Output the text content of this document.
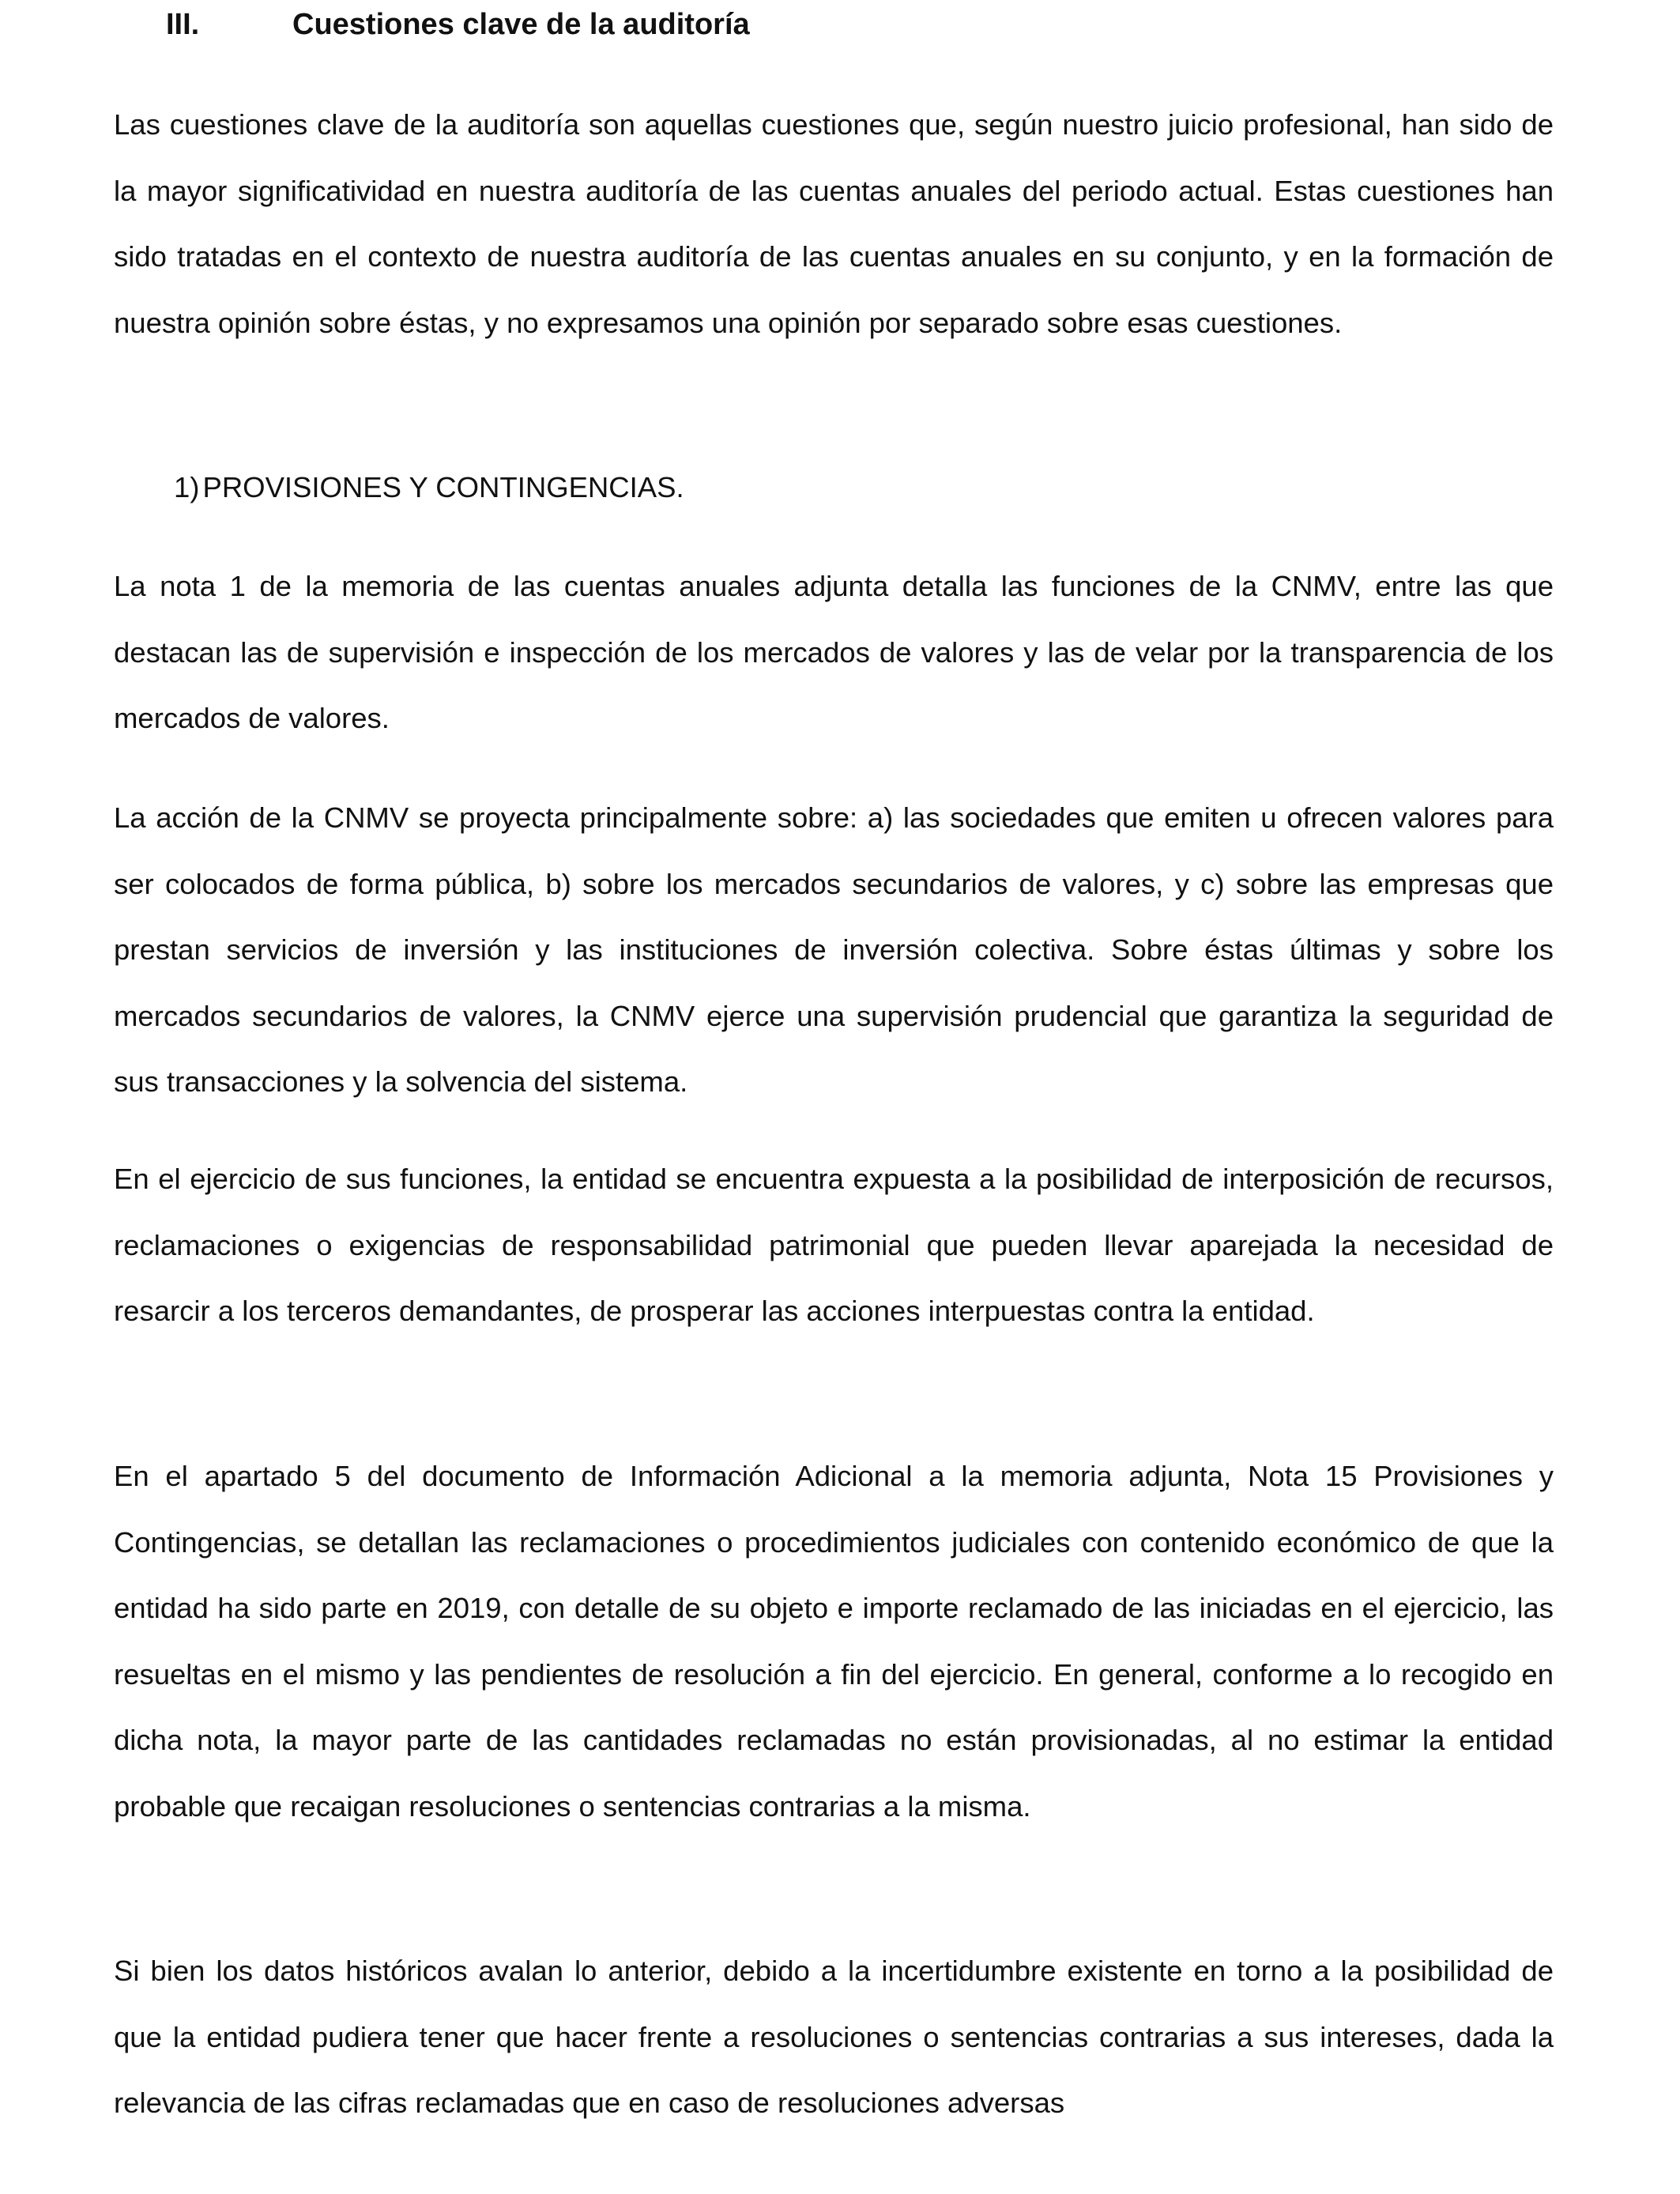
III.	Cuestiones clave de la auditoría

Las cuestiones clave de la auditoría son aquellas cuestiones que, según nuestro juicio profesional, han sido de la mayor significatividad en nuestra auditoría de las cuentas anuales del periodo actual. Estas cuestiones han sido tratadas en el contexto de nuestra auditoría de las cuentas anuales en su conjunto, y en la formación de nuestra opinión sobre éstas, y no expresamos una opinión por separado sobre esas cuestiones.

1) PROVISIONES Y CONTINGENCIAS.

La nota 1 de la memoria de las cuentas anuales adjunta detalla las funciones de la CNMV, entre las que destacan las de supervisión e inspección de los mercados de valores y las de velar por la transparencia de los mercados de valores.

La acción de la CNMV se proyecta principalmente sobre: a) las sociedades que emiten u ofrecen valores para ser colocados de forma pública, b) sobre los mercados secundarios de valores, y c) sobre las empresas que prestan servicios de inversión y las instituciones de inversión colectiva. Sobre éstas últimas y sobre los mercados secundarios de valores, la CNMV ejerce una supervisión prudencial que garantiza la seguridad de sus transacciones y la solvencia del sistema.

En el ejercicio de sus funciones, la entidad se encuentra expuesta a la posibilidad de interposición de recursos, reclamaciones o exigencias de responsabilidad patrimonial que pueden llevar aparejada la necesidad de resarcir a los terceros demandantes, de prosperar las acciones interpuestas contra la entidad.

En el apartado 5 del documento de Información Adicional a la memoria adjunta, Nota 15 Provisiones y Contingencias, se detallan las reclamaciones o procedimientos judiciales con contenido económico de que la entidad ha sido parte en 2019, con detalle de su objeto e importe reclamado de las iniciadas en el ejercicio, las resueltas en el mismo y las pendientes de resolución a fin del ejercicio. En general, conforme a lo recogido en dicha nota, la mayor parte de las cantidades reclamadas no están provisionadas, al no estimar la entidad probable que recaigan resoluciones o sentencias contrarias a la misma.

Si bien los datos históricos avalan lo anterior, debido a la incertidumbre existente en torno a la posibilidad de que la entidad pudiera tener que hacer frente a resoluciones o sentencias contrarias a sus intereses, dada la relevancia de las cifras reclamadas que en caso de resoluciones adversas
